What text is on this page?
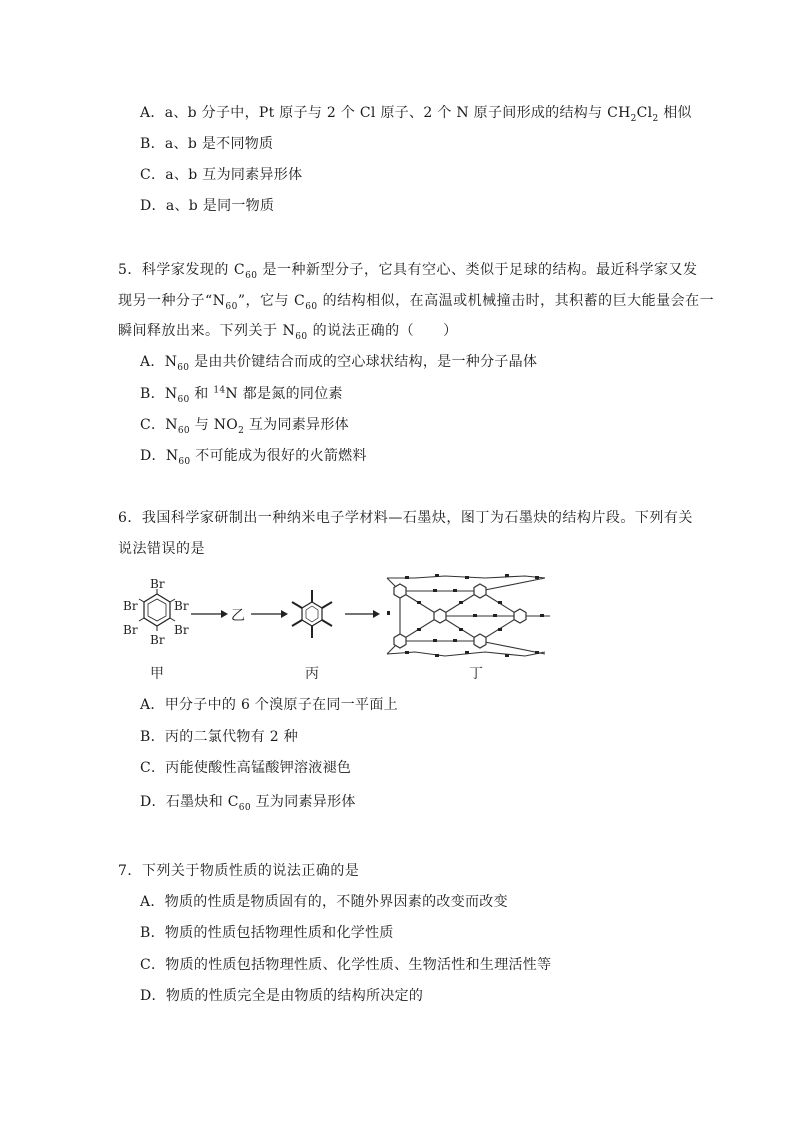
A．a、b 分子中，Pt 原子与 2 个 Cl 原子、2 个 N 原子间形成的结构与 $CH_2Cl_2$ 相似
B．a、b 是不同物质
C．a、b 互为同素异形体
D．a、b 是同一物质
5．科学家发现的 $C_{60}$ 是一种新型分子，它具有空心、类似于足球的结构。最近科学家又发
现另一种分子“$N_{60}$”，它与 $C_{60}$ 的结构相似，在高温或机械撞击时，其积蓄的巨大能量会在一
瞬间释放出来。下列关于 $N_{60}$ 的说法正确的（　　）
A．$N_{60}$ 是由共价键结合而成的空心球状结构，是一种分子晶体
B．$N_{60}$ 和 $^{14}$N 都是氮的同位素
C．$N_{60}$ 与 $NO_2$ 互为同素异形体
D．$N_{60}$ 不可能成为很好的火箭燃料
6．我国科学家研制出一种纳米电子学材料—石墨炔，图丁为石墨炔的结构片段。下列有关
说法错误的是
Br
Br
Br
Br
Br
Br
甲
乙
丙	丁
A．甲分子中的 6 个溴原子在同一平面上
B．丙的二氯代物有 2 种
C．丙能使酸性高锰酸钾溶液褪色
D．石墨炔和 $C_{60}$ 互为同素异形体
7．下列关于物质性质的说法正确的是
A．物质的性质是物质固有的，不随外界因素的改变而改变
B．物质的性质包括物理性质和化学性质
C．物质的性质包括物理性质、化学性质、生物活性和生理活性等
D．物质的性质完全是由物质的结构所决定的
